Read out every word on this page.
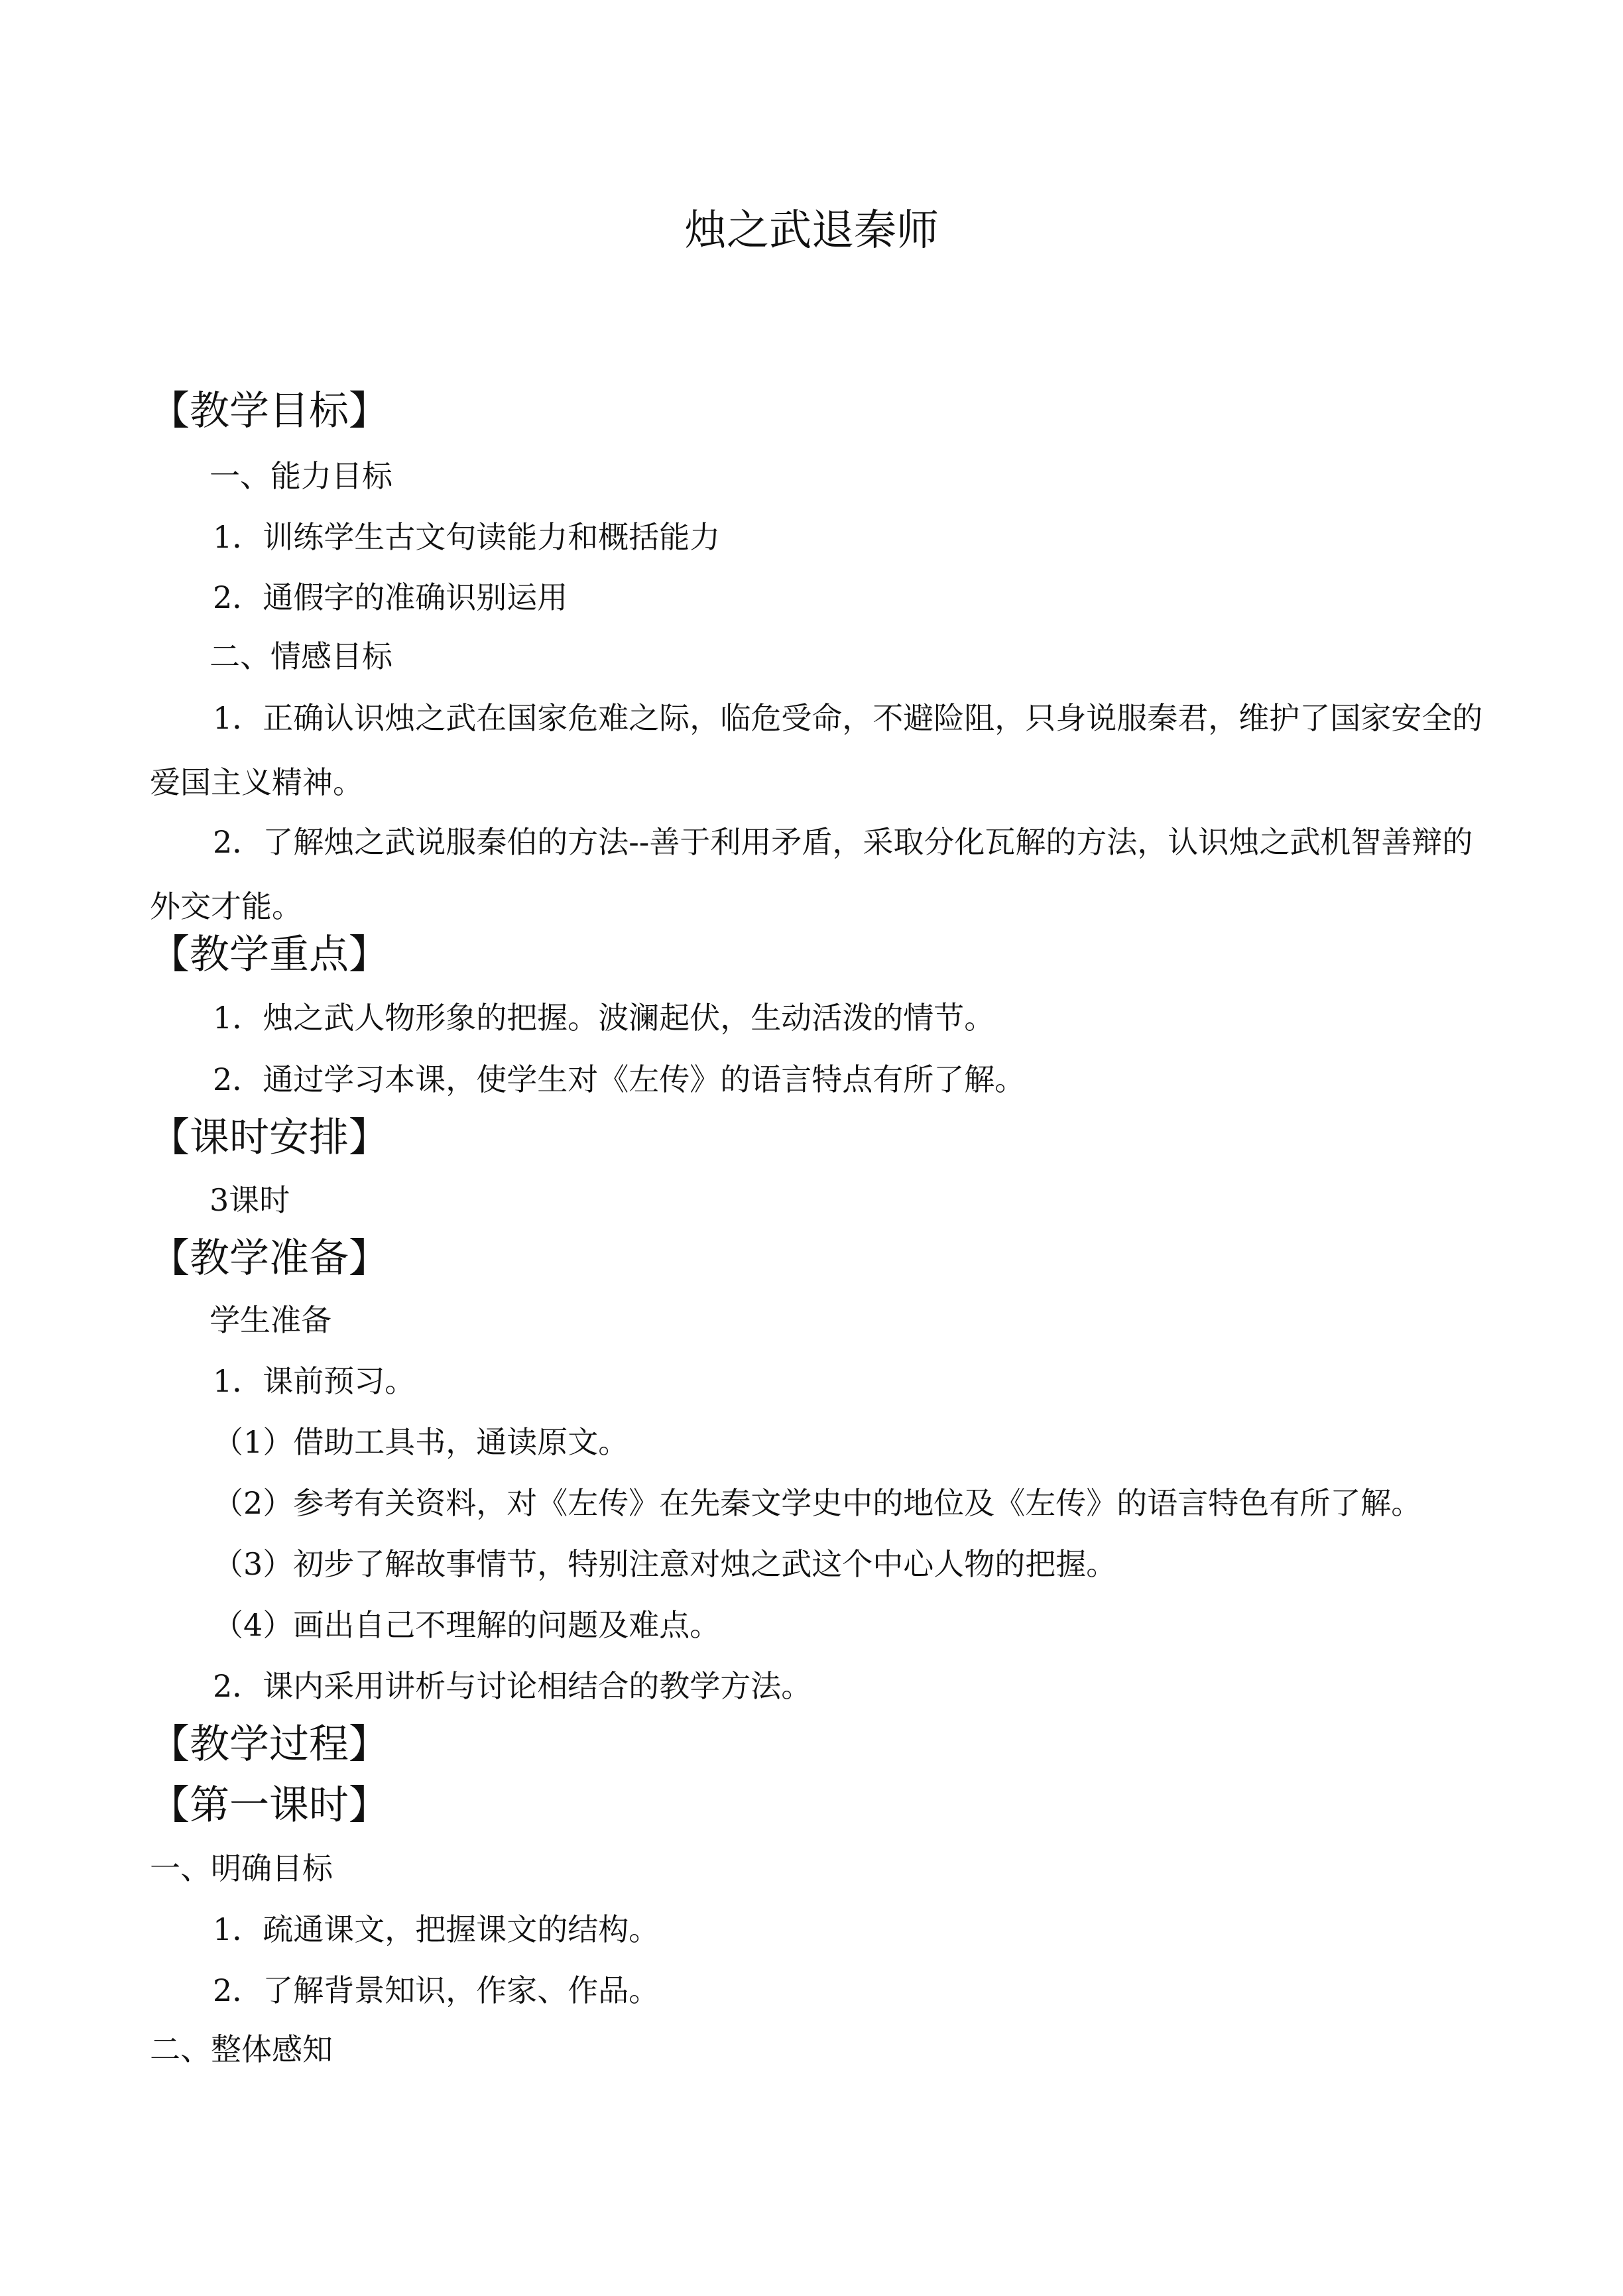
烛之武退秦师
【教学目标】
一、能力目标
1．训练学生古文句读能力和概括能力
2．通假字的准确识别运用
二、情感目标
1．正确认识烛之武在国家危难之际，临危受命，不避险阻，只身说服秦君，维护了国家安全的爱国主义精神。
2．了解烛之武说服秦伯的方法--善于利用矛盾，采取分化瓦解的方法，认识烛之武机智善辩的外交才能。
【教学重点】
1．烛之武人物形象的把握。波澜起伏，生动活泼的情节。
2．通过学习本课，使学生对《左传》的语言特点有所了解。
【课时安排】
3课时
【教学准备】
学生准备
1．课前预习。
（1）借助工具书，通读原文。
（2）参考有关资料，对《左传》在先秦文学史中的地位及《左传》的语言特色有所了解。
（3）初步了解故事情节，特别注意对烛之武这个中心人物的把握。
（4）画出自己不理解的问题及难点。
2．课内采用讲析与讨论相结合的教学方法。
【教学过程】
【第一课时】
一、明确目标
1．疏通课文，把握课文的结构。
2．了解背景知识，作家、作品。
二、整体感知
